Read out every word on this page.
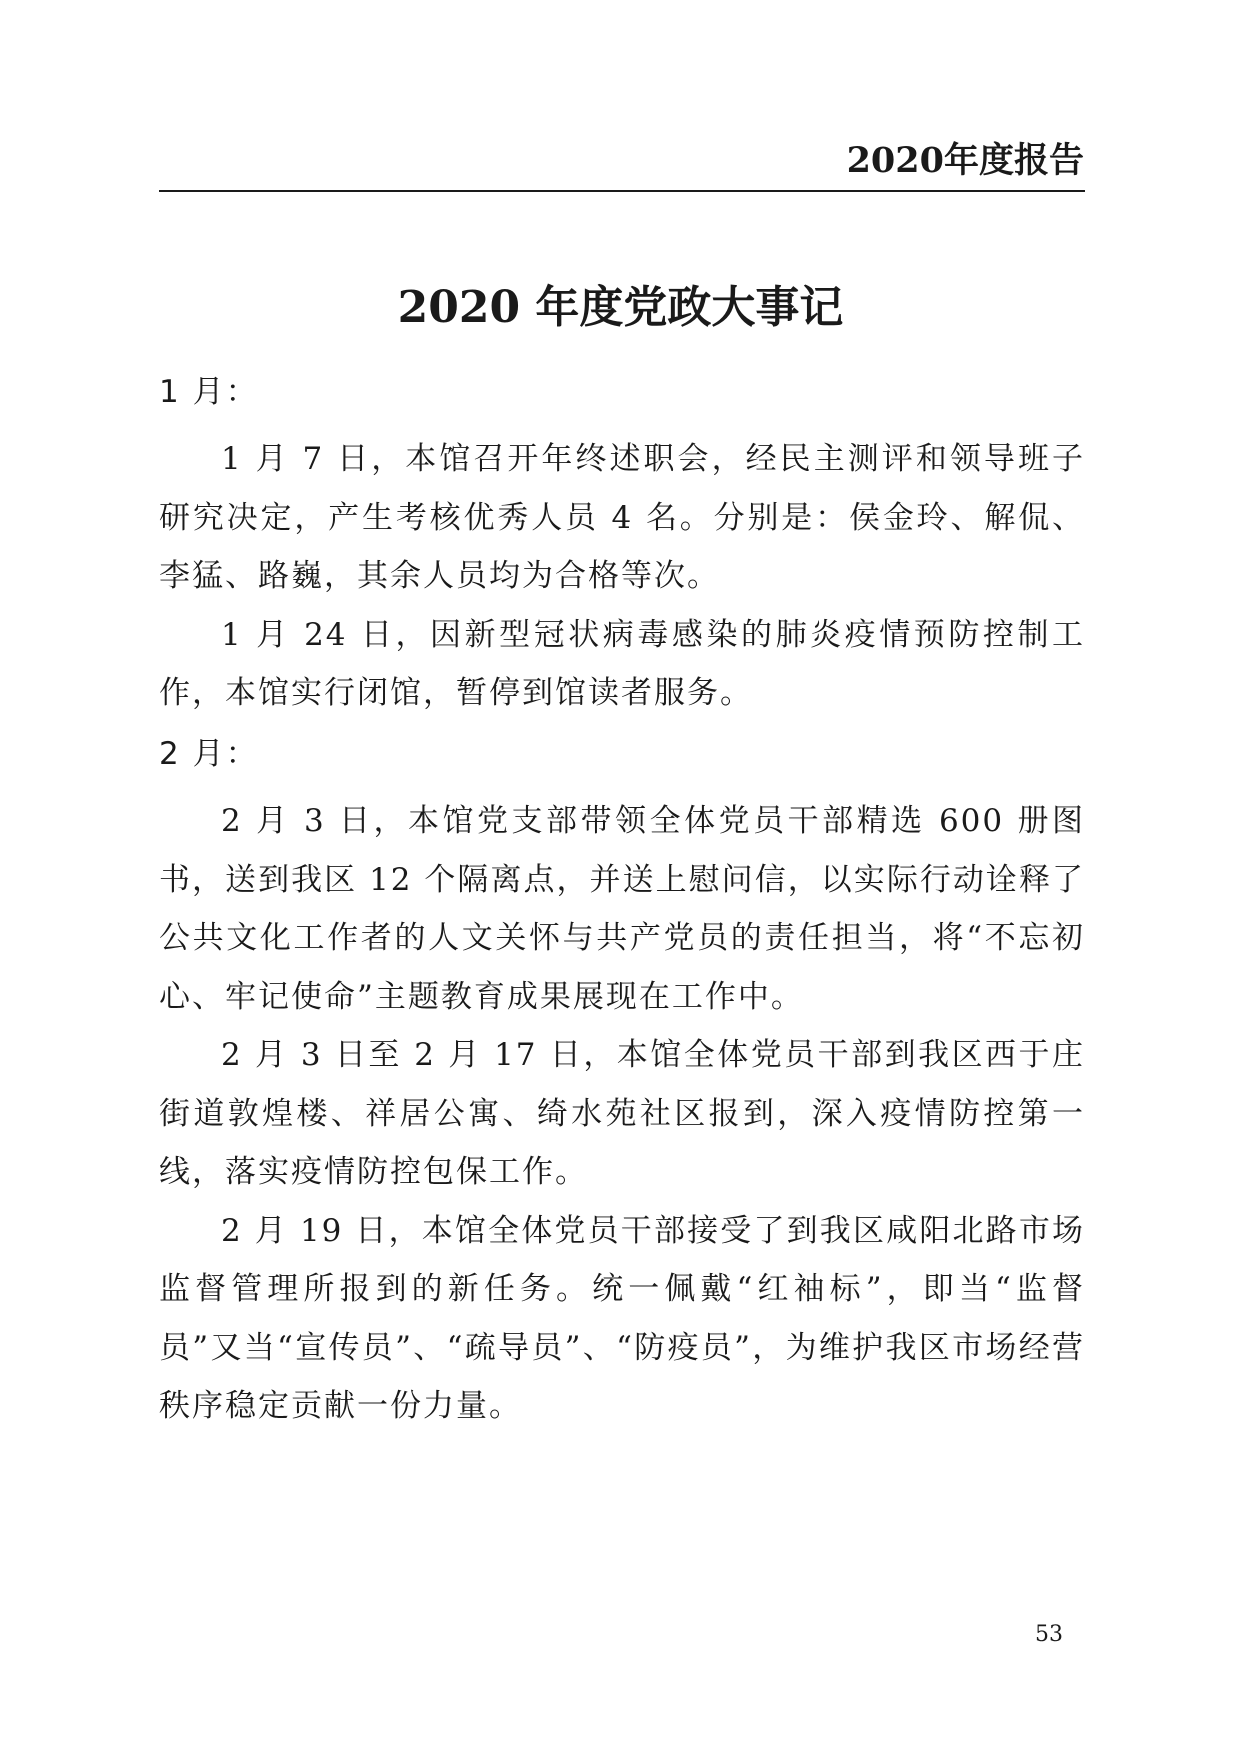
2020年度报告
2020 年度党政大事记
1 月：

1 月 7 日，本馆召开年终述职会，经民主测评和领导班子研究决定，产生考核优秀人员 4 名。分别是：侯金玲、解侃、李猛、路巍，其余人员均为合格等次。

1 月 24 日，因新型冠状病毒感染的肺炎疫情预防控制工作，本馆实行闭馆，暂停到馆读者服务。

2 月：

2 月 3 日，本馆党支部带领全体党员干部精选 600 册图书，送到我区 12 个隔离点，并送上慰问信，以实际行动诠释了公共文化工作者的人文关怀与共产党员的责任担当，将“不忘初心、牢记使命”主题教育成果展现在工作中。

2 月 3 日至 2 月 17 日，本馆全体党员干部到我区西于庄街道敦煌楼、祥居公寓、绮水苑社区报到，深入疫情防控第一线，落实疫情防控包保工作。

2 月 19 日，本馆全体党员干部接受了到我区咸阳北路市场监督管理所报到的新任务。统一佩戴“红袖标”，即当“监督员”又当“宣传员”、“疏导员”、“防疫员”，为维护我区市场经营秩序稳定贡献一份力量。

53
